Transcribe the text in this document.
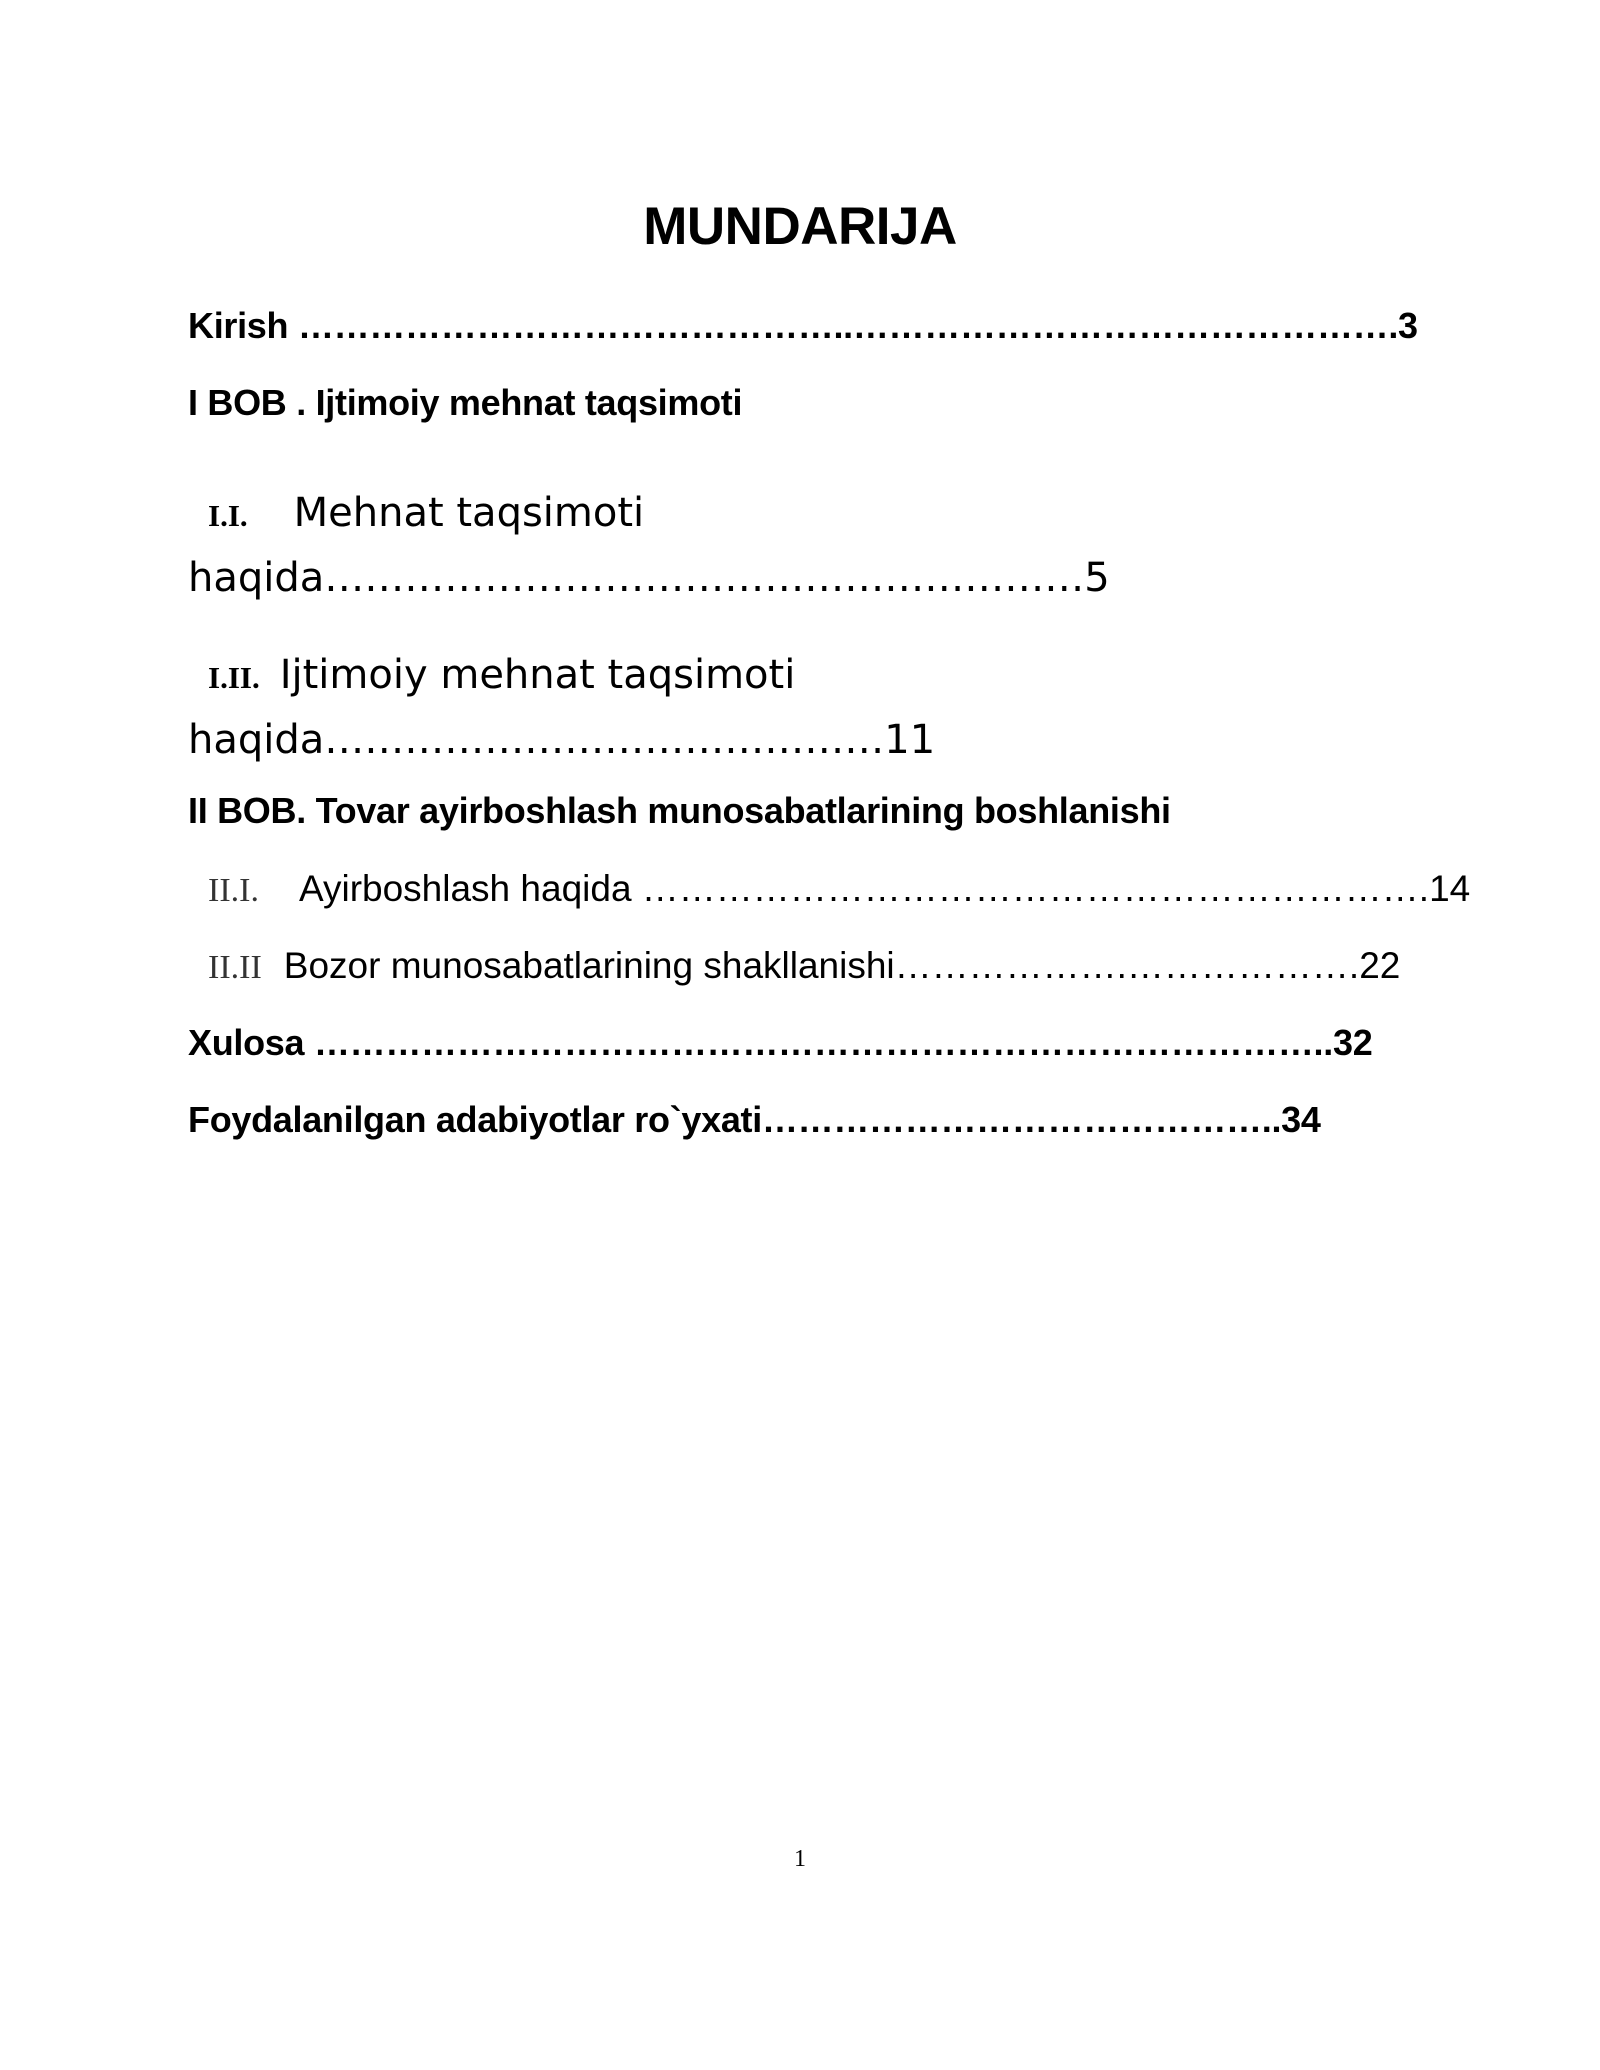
MUNDARIJA
Kirish ………………………………………..……………………………………….3
I BOB . Ijtimoiy mehnat taqsimoti
I.I. Mehnat taqsimoti
haqida…………………………………………………5
I.II. Ijtimoiy mehnat taqsimoti
haqida……………………………………11
II BOB. Tovar ayirboshlash munosabatlarining boshlanishi
II.I. Ayirboshlash haqida ……………………………………………………….14
II.II Bozor munosabatlarining shakllanishi……………….……………….22
Xulosa …………………………………………………………………………..32
Foydalanilgan adabiyotlar ro`yxati……………………………………..34
1
